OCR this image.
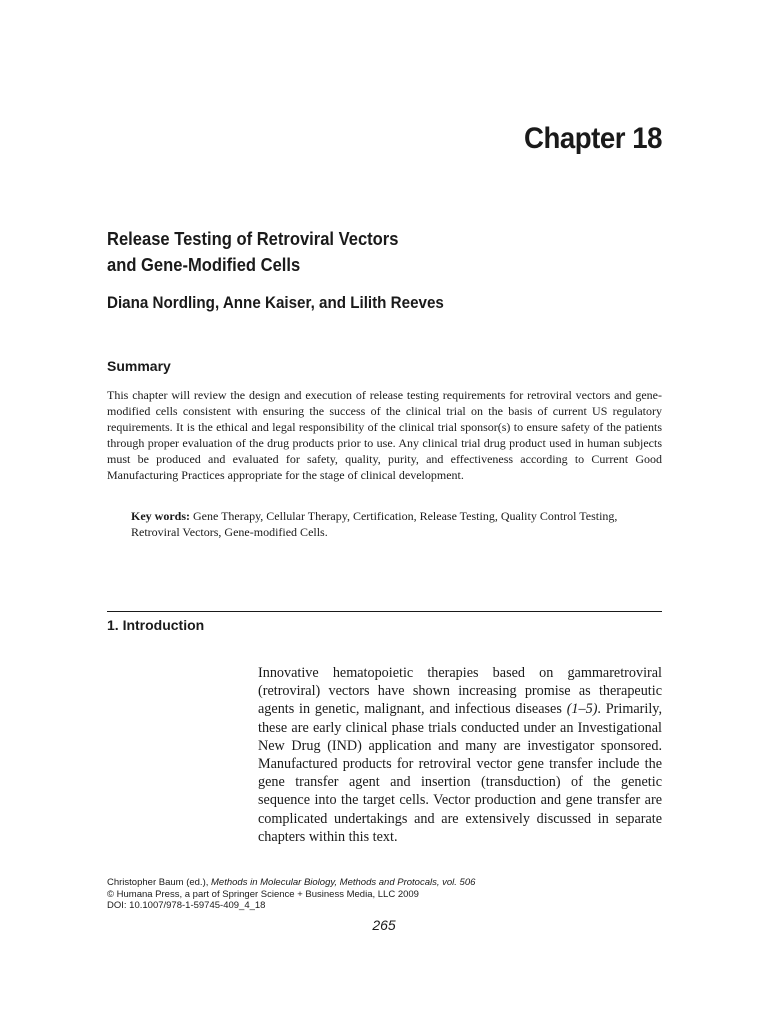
Chapter 18
Release Testing of Retroviral Vectors
and Gene-Modified Cells
Diana Nordling, Anne Kaiser, and Lilith Reeves
Summary
This chapter will review the design and execution of release testing requirements for retroviral vectors and gene-modified cells consistent with ensuring the success of the clinical trial on the basis of current US regulatory requirements. It is the ethical and legal responsibility of the clinical trial sponsor(s) to ensure safety of the patients through proper evaluation of the drug products prior to use. Any clinical trial drug product used in human subjects must be produced and evaluated for safety, quality, purity, and effectiveness according to Current Good Manufacturing Practices appropriate for the stage of clinical development.
Key words: Gene Therapy, Cellular Therapy, Certification, Release Testing, Quality Control Testing, Retroviral Vectors, Gene-modified Cells.
1. Introduction
Innovative hematopoietic therapies based on gammaretroviral (retroviral) vectors have shown increasing promise as therapeutic agents in genetic, malignant, and infectious diseases (1–5). Primarily, these are early clinical phase trials conducted under an Investigational New Drug (IND) application and many are investigator sponsored. Manufactured products for retroviral vector gene transfer include the gene transfer agent and insertion (transduction) of the genetic sequence into the target cells. Vector production and gene transfer are complicated undertakings and are extensively discussed in separate chapters within this text.
Christopher Baum (ed.), Methods in Molecular Biology, Methods and Protocals, vol. 506
© Humana Press, a part of Springer Science + Business Media, LLC 2009
DOI: 10.1007/978-1-59745-409_4_18
265
